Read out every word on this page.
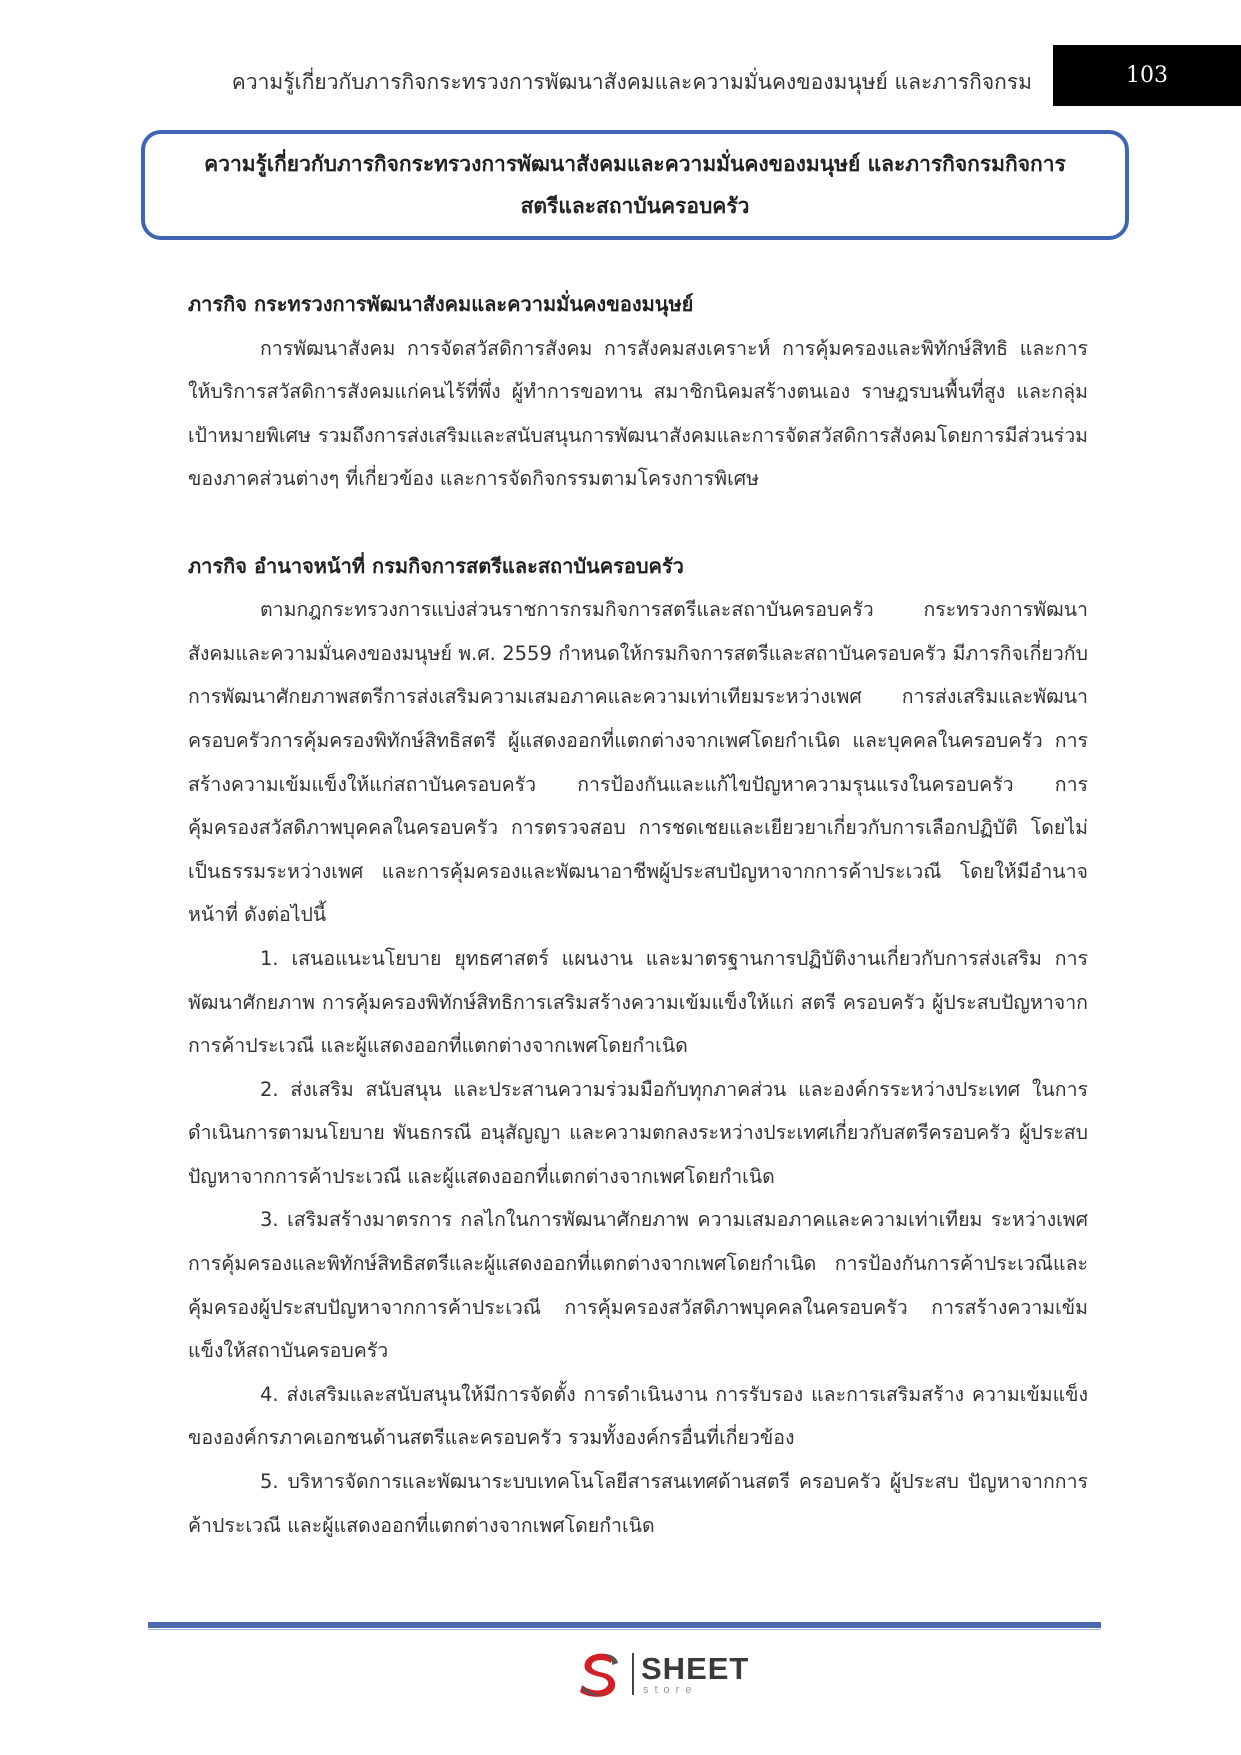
ความรู้เกี่ยวกับภารกิจกระทรวงการพัฒนาสังคมและความมั่นคงของมนุษย์ และภารกิจกรม	103
ความรู้เกี่ยวกับภารกิจกระทรวงการพัฒนาสังคมและความมั่นคงของมนุษย์ และภารกิจกรมกิจการ
สตรีและสถาบันครอบครัว
ภารกิจ กระทรวงการพัฒนาสังคมและความมั่นคงของมนุษย์

การพัฒนาสังคม การจัดสวัสดิการสังคม การสังคมสงเคราะห์ การคุ้มครองและพิทักษ์สิทธิ และการให้บริการสวัสดิการสังคมแก่คนไร้ที่พึ่ง ผู้ทำการขอทาน สมาชิกนิคมสร้างตนเอง ราษฎรบนพื้นที่สูง และกลุ่มเป้าหมายพิเศษ รวมถึงการส่งเสริมและสนับสนุนการพัฒนาสังคมและการจัดสวัสดิการสังคมโดยการมีส่วนร่วมของภาคส่วนต่างๆ ที่เกี่ยวข้อง และการจัดกิจกรรมตามโครงการพิเศษ

ภารกิจ อำนาจหน้าที่ กรมกิจการสตรีและสถาบันครอบครัว

ตามกฎกระทรวงการแบ่งส่วนราชการกรมกิจการสตรีและสถาบันครอบครัว กระทรวงการพัฒนาสังคมและความมั่นคงของมนุษย์ พ.ศ. 2559 กำหนดให้กรมกิจการสตรีและสถาบันครอบครัว มีภารกิจเกี่ยวกับการพัฒนาศักยภาพสตรีการส่งเสริมความเสมอภาคและความเท่าเทียมระหว่างเพศ การส่งเสริมและพัฒนาครอบครัวการคุ้มครองพิทักษ์สิทธิสตรี ผู้แสดงออกที่แตกต่างจากเพศโดยกำเนิด และบุคคลในครอบครัว การสร้างความเข้มแข็งให้แก่สถาบันครอบครัว การป้องกันและแก้ไขปัญหาความรุนแรงในครอบครัว การคุ้มครองสวัสดิภาพบุคคลในครอบครัว การตรวจสอบ การชดเชยและเยียวยาเกี่ยวกับการเลือกปฏิบัติ โดยไม่เป็นธรรมระหว่างเพศ และการคุ้มครองและพัฒนาอาชีพผู้ประสบปัญหาจากการค้าประเวณี โดยให้มีอำนาจหน้าที่ ดังต่อไปนี้

1. เสนอแนะนโยบาย ยุทธศาสตร์ แผนงาน และมาตรฐานการปฏิบัติงานเกี่ยวกับการส่งเสริม การพัฒนาศักยภาพ การคุ้มครองพิทักษ์สิทธิการเสริมสร้างความเข้มแข็งให้แก่ สตรี ครอบครัว ผู้ประสบปัญหาจากการค้าประเวณี และผู้แสดงออกที่แตกต่างจากเพศโดยกำเนิด

2. ส่งเสริม สนับสนุน และประสานความร่วมมือกับทุกภาคส่วน และองค์กรระหว่างประเทศ ในการดำเนินการตามนโยบาย พันธกรณี อนุสัญญา และความตกลงระหว่างประเทศเกี่ยวกับสตรีครอบครัว ผู้ประสบปัญหาจากการค้าประเวณี และผู้แสดงออกที่แตกต่างจากเพศโดยกำเนิด

3. เสริมสร้างมาตรการ กลไกในการพัฒนาศักยภาพ ความเสมอภาคและความเท่าเทียม ระหว่างเพศ การคุ้มครองและพิทักษ์สิทธิสตรีและผู้แสดงออกที่แตกต่างจากเพศโดยกำเนิด การป้องกันการค้าประเวณีและคุ้มครองผู้ประสบปัญหาจากการค้าประเวณี การคุ้มครองสวัสดิภาพบุคคลในครอบครัว การสร้างความเข้มแข็งให้สถาบันครอบครัว

4. ส่งเสริมและสนับสนุนให้มีการจัดตั้ง การดำเนินงาน การรับรอง และการเสริมสร้าง ความเข้มแข็งขององค์กรภาคเอกชนด้านสตรีและครอบครัว รวมทั้งองค์กรอื่นที่เกี่ยวข้อง

5. บริหารจัดการและพัฒนาระบบเทคโนโลยีสารสนเทศด้านสตรี ครอบครัว ผู้ประสบ ปัญหาจากการค้าประเวณี และผู้แสดงออกที่แตกต่างจากเพศโดยกำเนิด

SHEET
store
